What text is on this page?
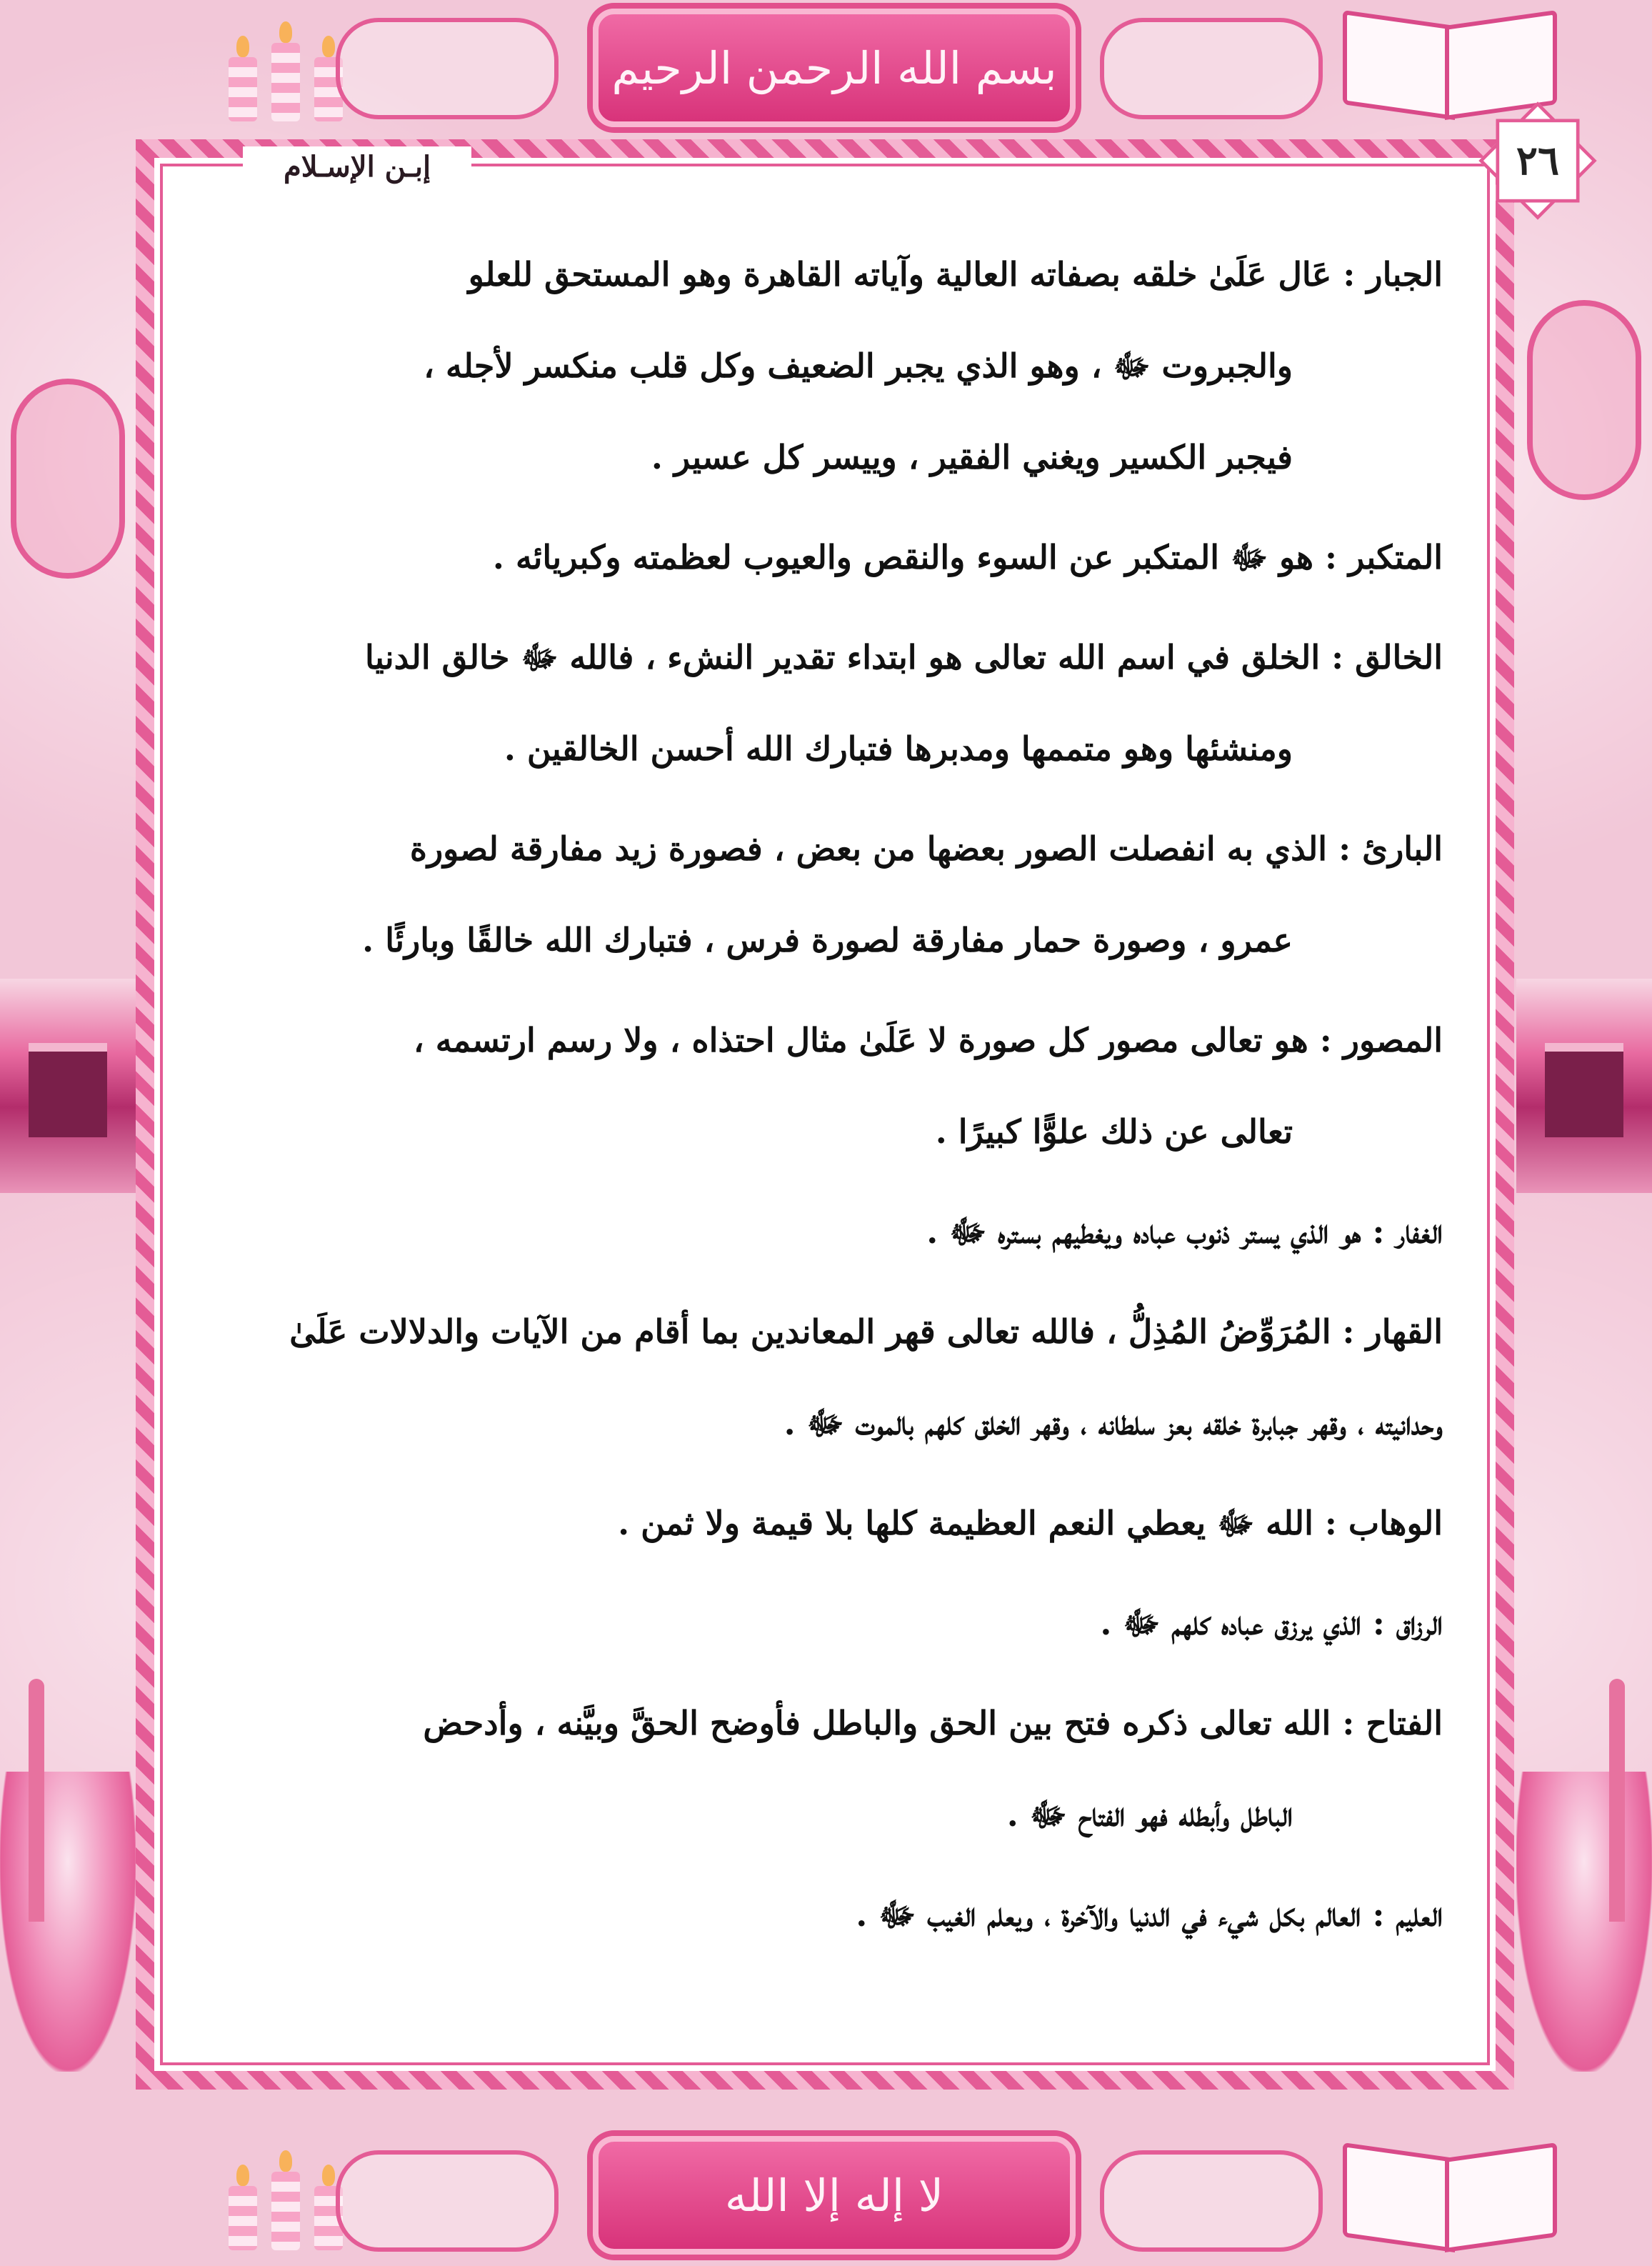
بسم الله الرحمن الرحيم
لا إله إلا الله
إبـن الإسـلام	٢٦
الجبار : عَال عَلَىٰ خلقه بصفاته العالية وآياته القاهرة وهو المستحق للعلو
والجبروت ﷻ ، وهو الذي يجبر الضعيف وكل قلب منكسر لأجله ،
فيجبر الكسير ويغني الفقير ، وييسر كل عسير .
المتكبر : هو ﷻ المتكبر عن السوء والنقص والعيوب لعظمته وكبريائه .
الخالق : الخلق في اسم الله تعالى هو ابتداء تقدير النشء ، فالله ﷻ خالق الدنيا
ومنشئها وهو متممها ومدبرها فتبارك الله أحسن الخالقين .
البارئ : الذي به انفصلت الصور بعضها من بعض ، فصورة زيد مفارقة لصورة
عمرو ، وصورة حمار مفارقة لصورة فرس ، فتبارك الله خالقًا وبارئًا .
المصور : هو تعالى مصور كل صورة لا عَلَىٰ مثال احتذاه ، ولا رسم ارتسمه ،
تعالى عن ذلك علوًّا كبيرًا .
الغفار : هو الذي يستر ذنوب عباده ويغطيهم بستره ﷻ .
القهار : المُرَوِّضُ المُذِلُّ ، فالله تعالى قهر المعاندين بما أقام من الآيات والدلالات عَلَىٰ
وحدانيته ، وقهر جبابرة خلقه بعز سلطانه ، وقهر الخلق كلهم بالموت ﷻ .
الوهاب : الله ﷻ يعطي النعم العظيمة كلها بلا قيمة ولا ثمن .
الرزاق : الذي يرزق عباده كلهم ﷻ .
الفتاح : الله تعالى ذكره فتح بين الحق والباطل فأوضح الحقَّ وبيَّنه ، وأدحض
الباطل وأبطله فهو الفتاح ﷻ .
العليم : العالم بكل شيء في الدنيا والآخرة ، ويعلم الغيب ﷻ .
